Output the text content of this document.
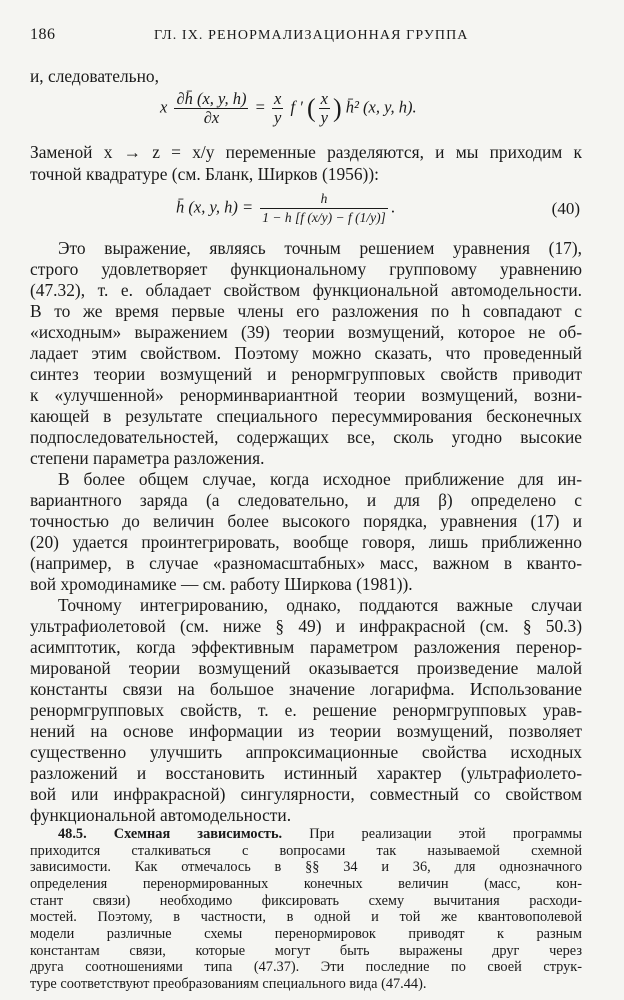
186	ГЛ. IX. РЕНОРМАЛИЗАЦИОННАЯ ГРУППА
и, следовательно,
x $\frac{\partial h̄ (x, y, h)}{\partial x} = \frac{x}{y}$ f ′ ( $\frac{x}{y}$ ) h̄² (x, y, h).
Заменой x → z = x/y переменные разделяются, и мы приходим к
точной квадратуре (см. Бланк, Ширков (1956)):
h̄ (x, y, $h) = \frac{h}{1 - h [f (x/y) - f (1/y)]}$ .	(40)
Это выражение, являясь точным решением уравнения (17),
строго удовлетворяет функциональному групповому уравнению
(47.32), т. е. обладает свойством функциональной автомодельности.
В то же время первые члены его разложения по h совпадают с
«исходным» выражением (39) теории возмущений, которое не об-
ладает этим свойством. Поэтому можно сказать, что проведенный
синтез теории возмущений и ренормгрупповых свойств приводит
к «улучшенной» ренорминвариантной теории возмущений, возни-
кающей в результате специального пересуммирования бесконечных
подпоследовательностей, содержащих все, сколь угодно высокие
степени параметра разложения.
В более общем случае, когда исходное приближение для ин-
вариантного заряда (а следовательно, и для β) определено с
точностью до величин более высокого порядка, уравнения (17) и
(20) удается проинтегрировать, вообще говоря, лишь приближенно
(например, в случае «разномасштабных» масс, важном в кванто-
вой хромодинамике — см. работу Ширкова (1981)).
Точному интегрированию, однако, поддаются важные случаи
ультрафиолетовой (см. ниже § 49) и инфракрасной (см. § 50.3)
асимптотик, когда эффективным параметром разложения перенор-
мированой теории возмущений оказывается произведение малой
константы связи на большое значение логарифма. Использование
ренормгрупповых свойств, т. е. решение ренормгрупповых урав-
нений на основе информации из теории возмущений, позволяет
существенно улучшить аппроксимационные свойства исходных
разложений и восстановить истинный характер (ультрафиолето-
вой или инфракрасной) сингулярности, совместный со свойством
функциональной автомодельности.
48.5. Схемная зависимость. При реализации этой программы
приходится сталкиваться с вопросами так называемой схемной
зависимости. Как отмечалось в §§ 34 и 36, для однозначного
определения перенормированных конечных величин (масс, кон-
стант связи) необходимо фиксировать схему вычитания расходи-
мостей. Поэтому, в частности, в одной и той же квантовополевой
модели различные схемы перенормировок приводят к разным
константам связи, которые могут быть выражены друг через
друга соотношениями типа (47.37). Эти последние по своей струк-
туре соответствуют преобразованиям специального вида (47.44).
